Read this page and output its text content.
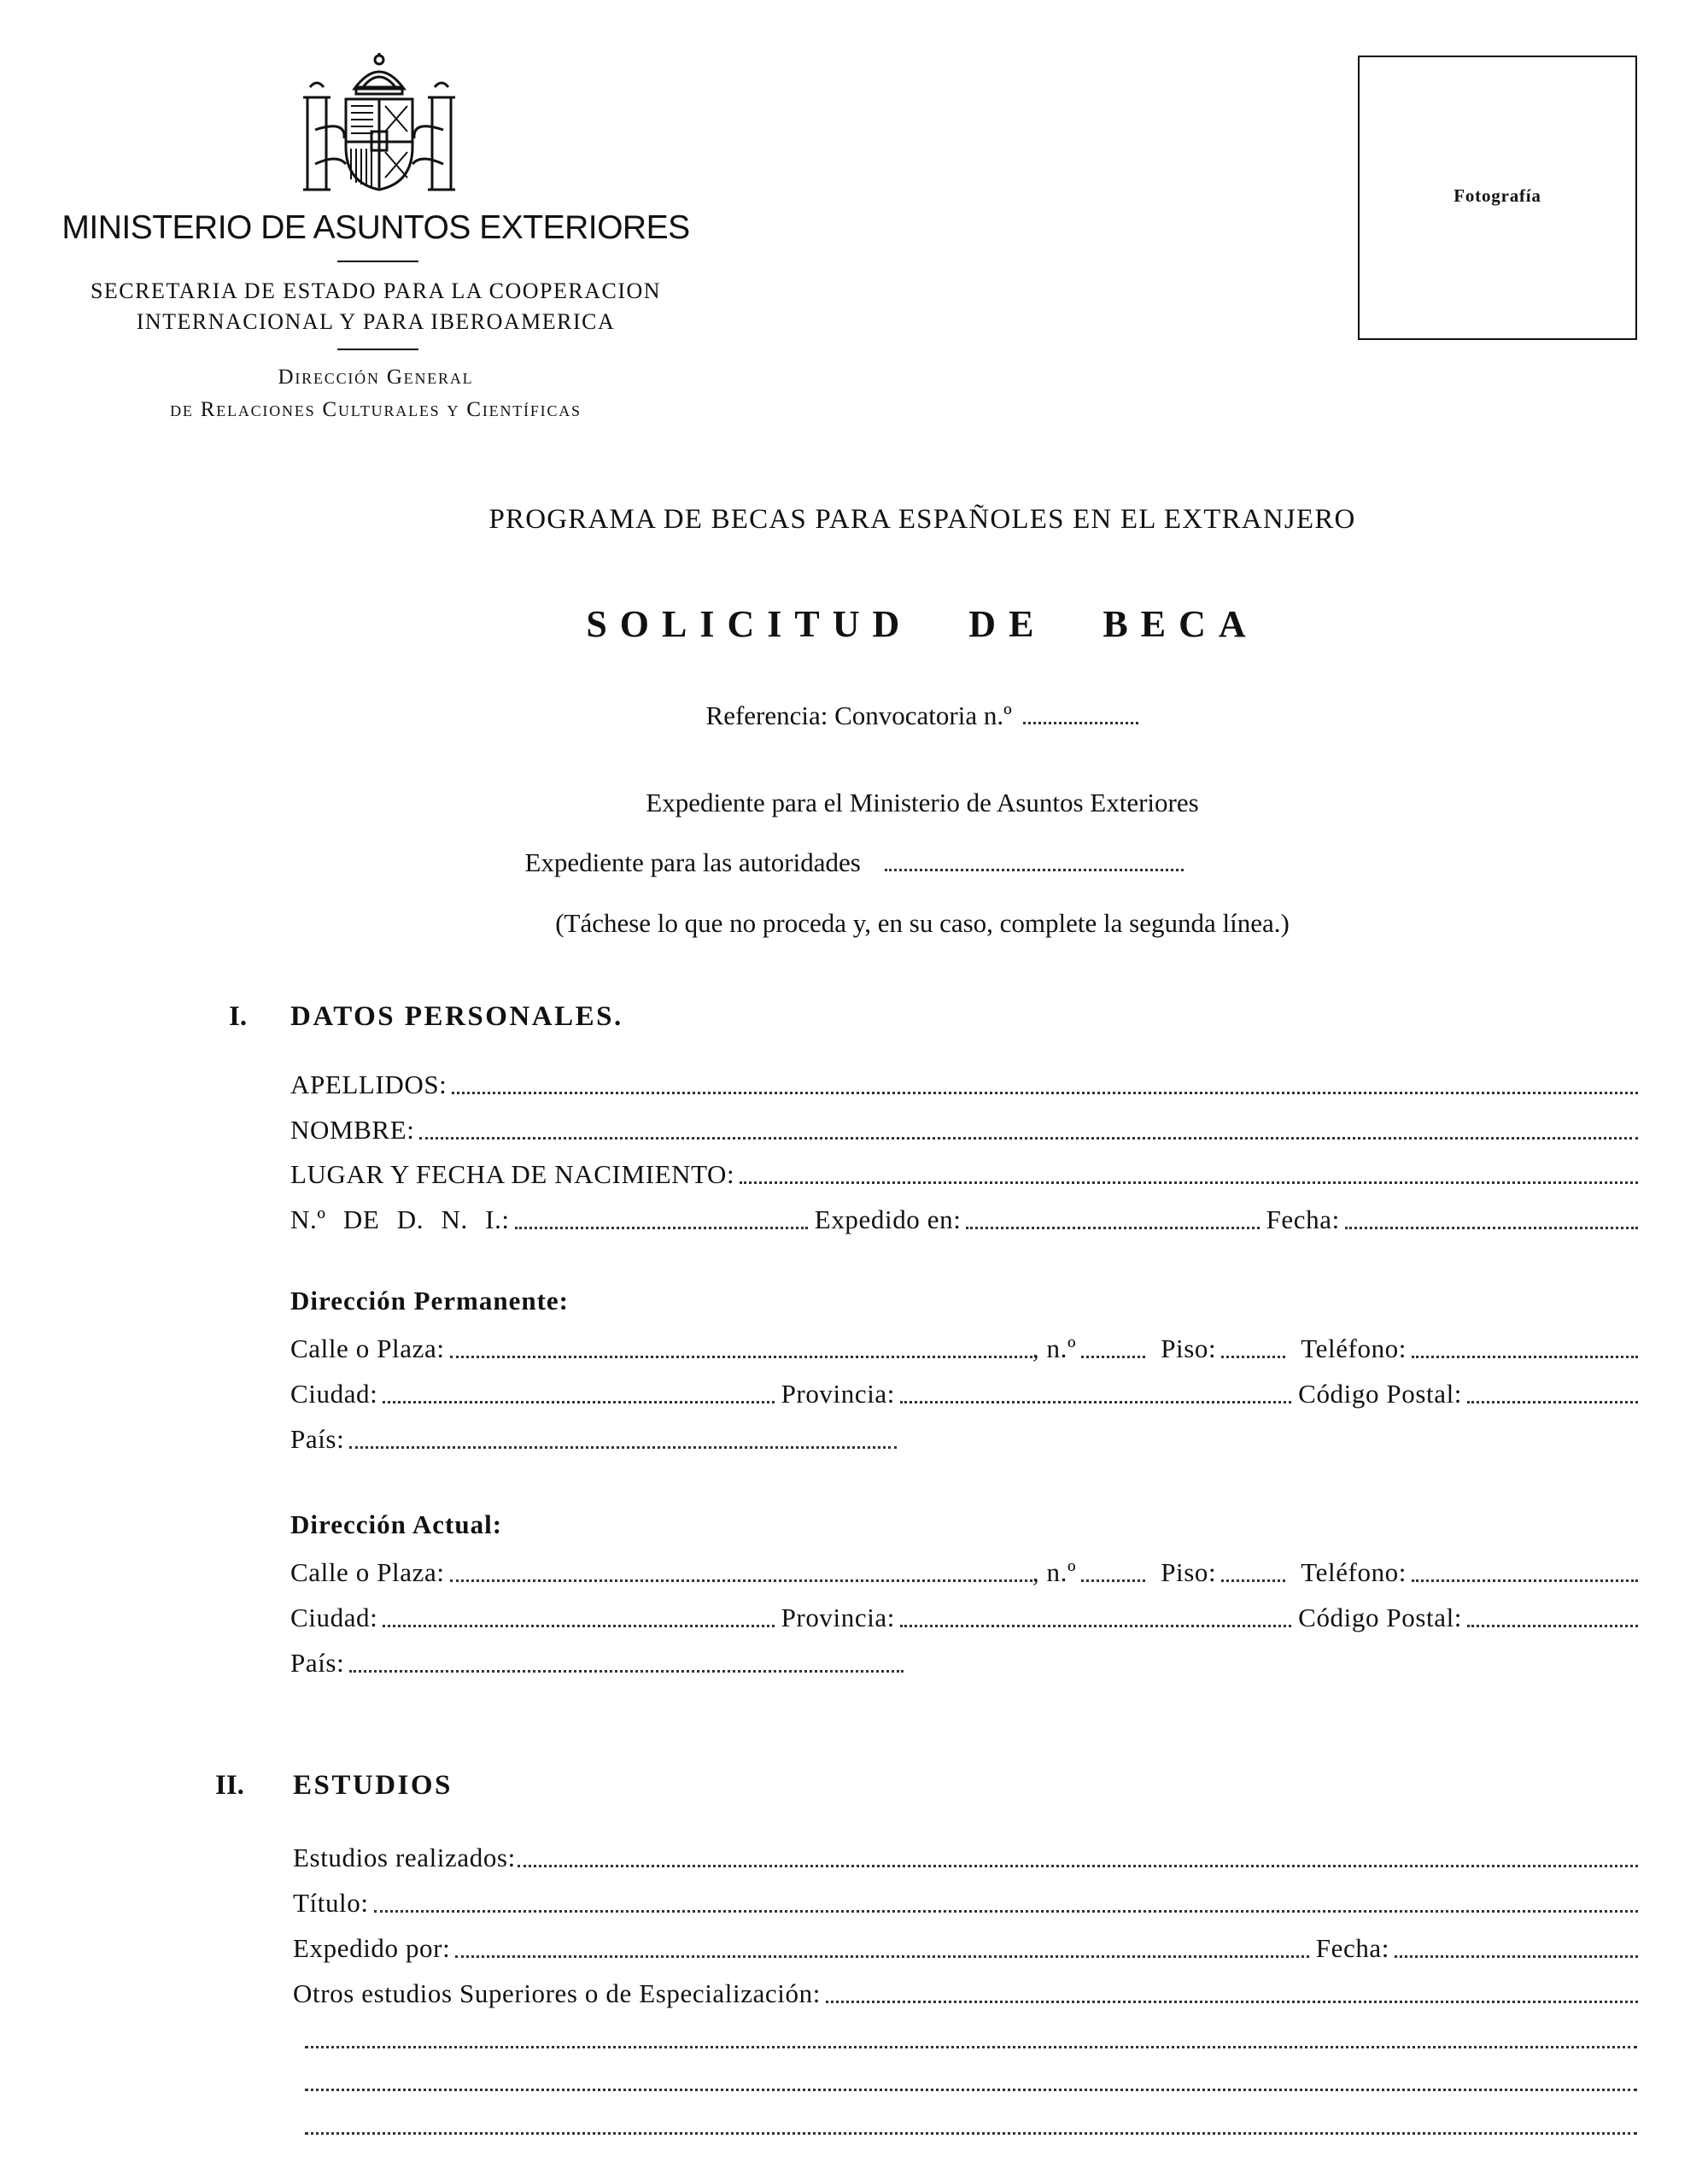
MINISTERIO DE ASUNTOS EXTERIORES
SECRETARIA DE ESTADO PARA LA COOPERACION
INTERNACIONAL Y PARA IBEROAMERICA
Dirección General
de Relaciones Culturales y Científicas
Fotografía
PROGRAMA DE BECAS PARA ESPAÑOLES EN EL EXTRANJERO
SOLICITUD DE BECA
Referencia: Convocatoria n.º
Expediente para el Ministerio de Asuntos Exteriores
Expediente para las autoridades
(Táchese lo que no proceda y, en su caso, complete la segunda línea.)
I. DATOS PERSONALES.
APELLIDOS:
NOMBRE:
LUGAR Y FECHA DE NACIMIENTO:
N.º DE D. N. I.:	Expedido en:	Fecha:
Dirección Permanente:
Calle o Plaza:	, n.º	Piso:	Teléfono:
Ciudad:	Provincia:	Código Postal:
País:
Dirección Actual:
Calle o Plaza:	, n.º	Piso:	Teléfono:
Ciudad:	Provincia:	Código Postal:
País:
II. ESTUDIOS
Estudios realizados:
Título:
Expedido por:	Fecha:
Otros estudios Superiores o de Especialización:
